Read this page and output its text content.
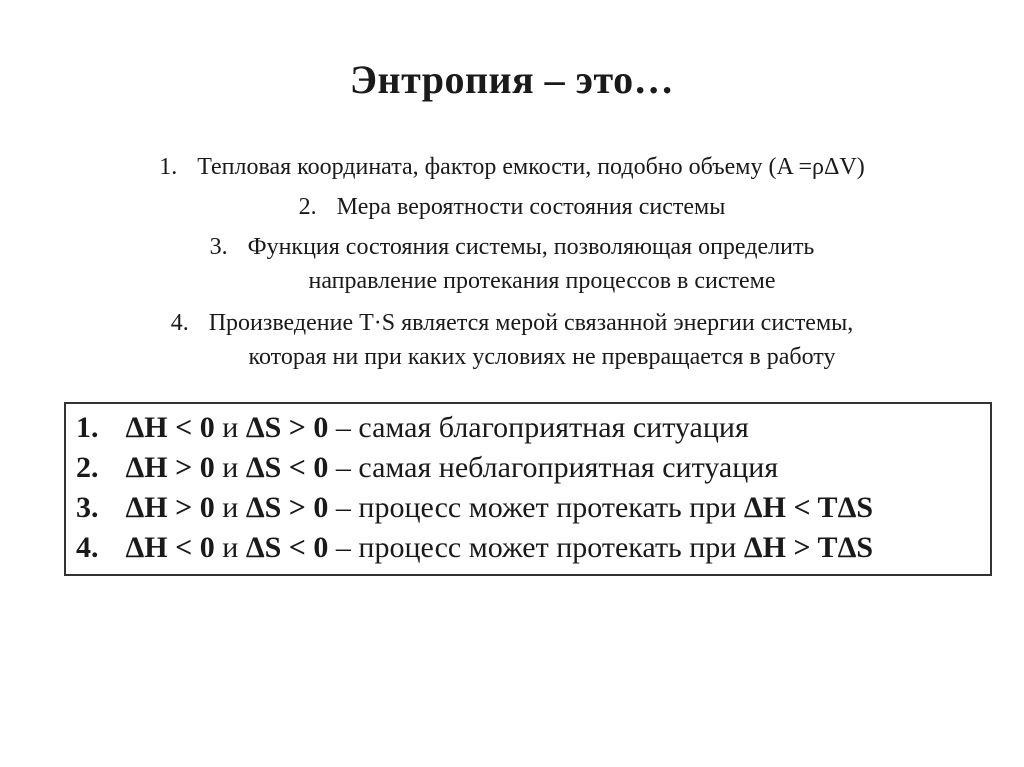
Энтропия – это…
1. Тепловая координата, фактор емкости, подобно объему (A =ρΔV)
2. Мера вероятности состояния системы
3. Функция состояния системы, позволяющая определить
направление протекания процессов в системе
4. Произведение T·S является мерой связанной энергии системы,
которая ни при каких условиях не превращается в работу
1. ΔH < 0 и ΔS > 0 – самая благоприятная ситуация
2. ΔH > 0 и ΔS < 0 – самая неблагоприятная ситуация
3. ΔH > 0 и ΔS > 0 – процесс может протекать при ΔH < TΔS
4. ΔH < 0 и ΔS < 0 – процесс может протекать при ΔH > TΔS
